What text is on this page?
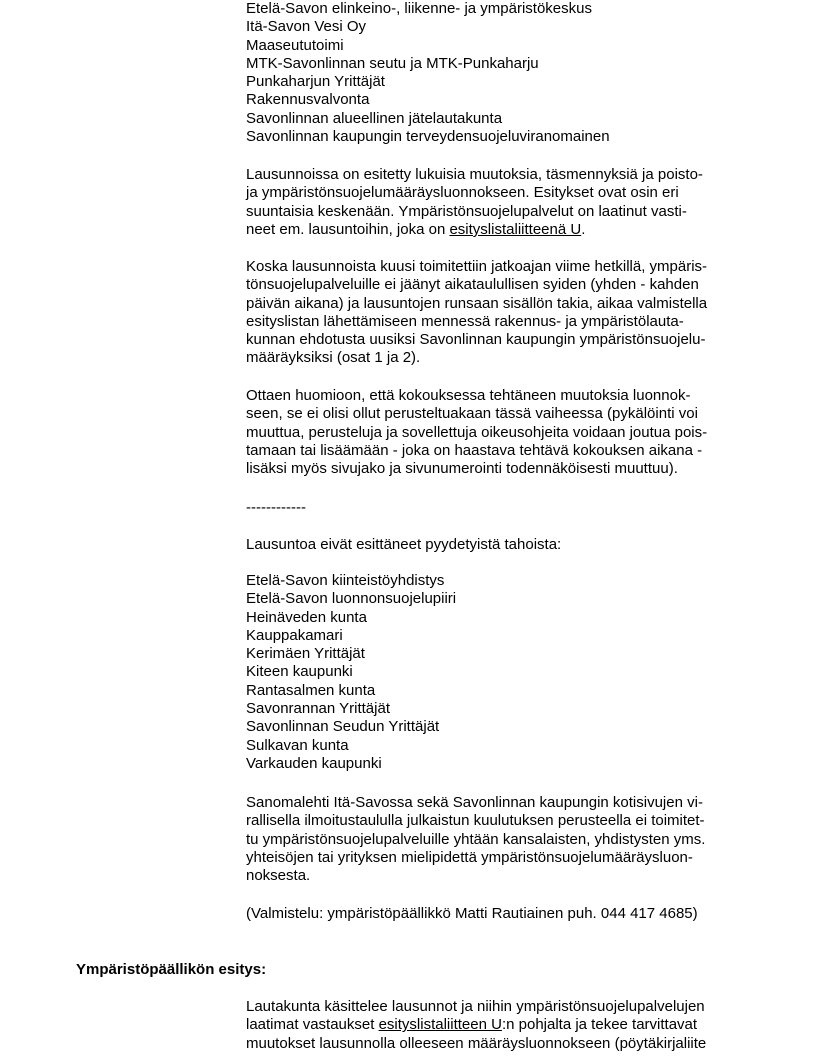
Etelä-Savon elinkeino-, liikenne- ja ympäristökeskus
Itä-Savon Vesi Oy
Maaseututoimi
MTK-Savonlinnan seutu ja MTK-Punkaharju
Punkaharjun Yrittäjät
Rakennusvalvonta
Savonlinnan alueellinen jätelautakunta
Savonlinnan kaupungin terveydensuojeluviranomainen
Lausunnoissa on esitetty lukuisia muutoksia, täsmennyksiä ja poisto-
ja ympäristönsuojelumääräysluonnokseen. Esitykset ovat osin eri
suuntaisia keskenään. Ympäristönsuojelupalvelut on laatinut vasti-
neet em. lausuntoihin, joka on esityslistaliitteenä U.
Koska lausunnoista kuusi toimitettiin jatkoajan viime hetkillä, ympäris-
tönsuojelupalveluille ei jäänyt aikataulullisen syiden (yhden - kahden
päivän aikana) ja lausuntojen runsaan sisällön takia, aikaa valmistella
esityslistan lähettämiseen mennessä rakennus- ja ympäristölauta-
kunnan ehdotusta uusiksi Savonlinnan kaupungin ympäristönsuojelu-
määräyksiksi (osat 1 ja 2).
Ottaen huomioon, että kokouksessa tehtäneen muutoksia luonnok-
seen, se ei olisi ollut perusteltuakaan tässä vaiheessa (pykälöinti voi
muuttua, perusteluja ja sovellettuja oikeusohjeita voidaan joutua pois-
tamaan tai lisäämään - joka on haastava tehtävä kokouksen aikana -
lisäksi myös sivujako ja sivunumerointi todennäköisesti muuttuu).
------------
Lausuntoa eivät esittäneet pyydetyistä tahoista:
Etelä-Savon kiinteistöyhdistys
Etelä-Savon luonnonsuojelupiiri
Heinäveden kunta
Kauppakamari
Kerimäen Yrittäjät
Kiteen kaupunki
Rantasalmen kunta
Savonrannan Yrittäjät
Savonlinnan Seudun Yrittäjät
Sulkavan kunta
Varkauden kaupunki
Sanomalehti Itä-Savossa sekä Savonlinnan kaupungin kotisivujen vi-
rallisella ilmoitustaululla julkaistun kuulutuksen perusteella ei toimitet-
tu ympäristönsuojelupalveluille yhtään kansalaisten, yhdistysten yms.
yhteisöjen tai yrityksen mielipidettä ympäristönsuojelumääräysluon-
noksesta.
(Valmistelu: ympäristöpäällikkö Matti Rautiainen puh. 044 417 4685)
Ympäristöpäällikön esitys:
Lautakunta käsittelee lausunnot ja niihin ympäristönsuojelupalvelujen
laatimat vastaukset esityslistaliitteen U:n pohjalta ja tekee tarvittavat
muutokset lausunnolla olleeseen määräysluonnokseen (pöytäkirjaliite
